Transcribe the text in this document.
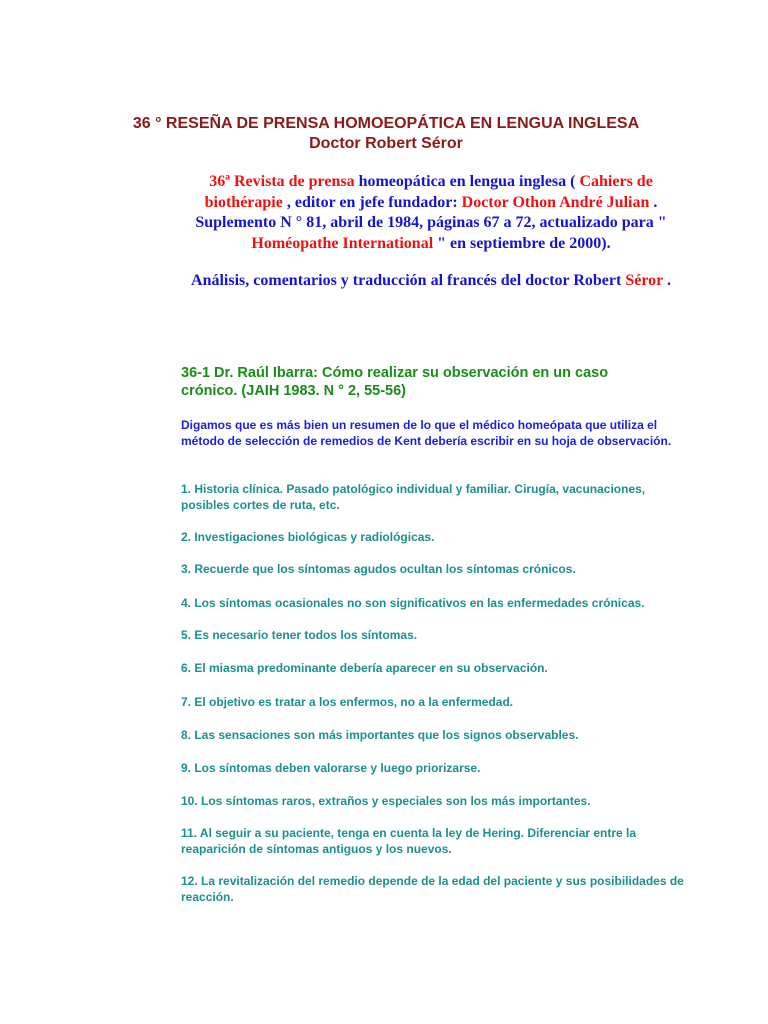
36 ° RESEÑA DE PRENSA HOMOEOPÁTICA EN LENGUA INGLESA
Doctor Robert Séror
36ª Revista de prensa homeopática en lengua inglesa ( Cahiers de biothérapie , editor en jefe fundador: Doctor Othon André Julian . Suplemento N ° 81, abril de 1984, páginas 67 a 72, actualizado para " Homéopathe International " en septiembre de 2000).
Análisis, comentarios y traducción al francés del doctor Robert Séror .
36-1 Dr. Raúl Ibarra: Cómo realizar su observación en un caso crónico. (JAIH 1983. N ° 2, 55-56)
Digamos que es más bien un resumen de lo que el médico homeópata que utiliza el método de selección de remedios de Kent debería escribir en su hoja de observación.
1. Historia clínica. Pasado patológico individual y familiar. Cirugía, vacunaciones, posibles cortes de ruta, etc.
2. Investigaciones biológicas y radiológicas.
3. Recuerde que los síntomas agudos ocultan los síntomas crónicos.
4. Los síntomas ocasionales no son significativos en las enfermedades crónicas.
5. Es necesario tener todos los síntomas.
6. El miasma predominante debería aparecer en su observación.
7. El objetivo es tratar a los enfermos, no a la enfermedad.
8. Las sensaciones son más importantes que los signos observables.
9. Los síntomas deben valorarse y luego priorizarse.
10. Los síntomas raros, extraños y especiales son los más importantes.
11. Al seguir a su paciente, tenga en cuenta la ley de Hering. Diferenciar entre la reaparición de síntomas antiguos y los nuevos.
12. La revitalización del remedio depende de la edad del paciente y sus posibilidades de reacción.
